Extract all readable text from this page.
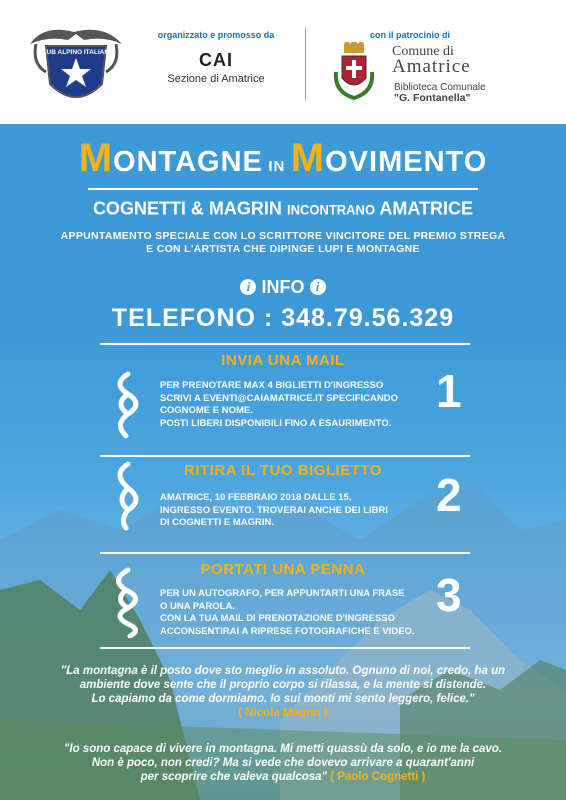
CLUB ALPINO ITALIANO
organizzato e promosso da
CAI
Sezione di Amatrice
con il patrocinio di
Comune di
Amatrice
Biblioteca Comunale
"G. Fontanella"
MONTAGNE IN MOVIMENTO
COGNETTI & MAGRIN INCONTRANO AMATRICE
APPUNTAMENTO SPECIALE CON LO SCRITTORE VINCITORE DEL PREMIO STREGA
E CON L'ARTISTA CHE DIPINGE LUPI E MONTAGNE
i INFO i
TELEFONO : 348.79.56.329
INVIA UNA MAIL
PER PRENOTARE MAX 4 BIGLIETTI D'INGRESSO
SCRIVI A EVENTI@CAIAMATRICE.IT SPECIFICANDO
COGNOME E NOME.
POSTI LIBERI DISPONIBILI FINO A ESAURIMENTO.
1
RITIRA IL TUO BIGLIETTO
AMATRICE, 10 FEBBRAIO 2018 DALLE 15,
INGRESSO EVENTO. TROVERAI ANCHE DEI LIBRI
DI COGNETTI E MAGRIN.
2
PORTATI UNA PENNA
PER UN AUTOGRAFO, PER APPUNTARTI UNA FRASE
O UNA PAROLA.
CON LA TUA MAIL DI PRENOTAZIONE D'INGRESSO
ACCONSENTIRAI A RIPRESE FOTOGRAFICHE E VIDEO.
3
"La montagna è il posto dove sto meglio in assoluto. Ognuno di noi, credo, ha un
ambiente dove sente che il proprio corpo si rilassa, e la mente si distende.
Lo capiamo da come dormiamo. Io sui monti mi sento leggero, felice."
( Nicola Magrin )
"Io sono capace di vivere in montagna. Mi metti quassù da solo, e io me la cavo.
Non è poco, non credi? Ma si vede che dovevo arrivare a quarant'anni
per scoprire che valeva qualcosa" ( Paolo Cognetti )
